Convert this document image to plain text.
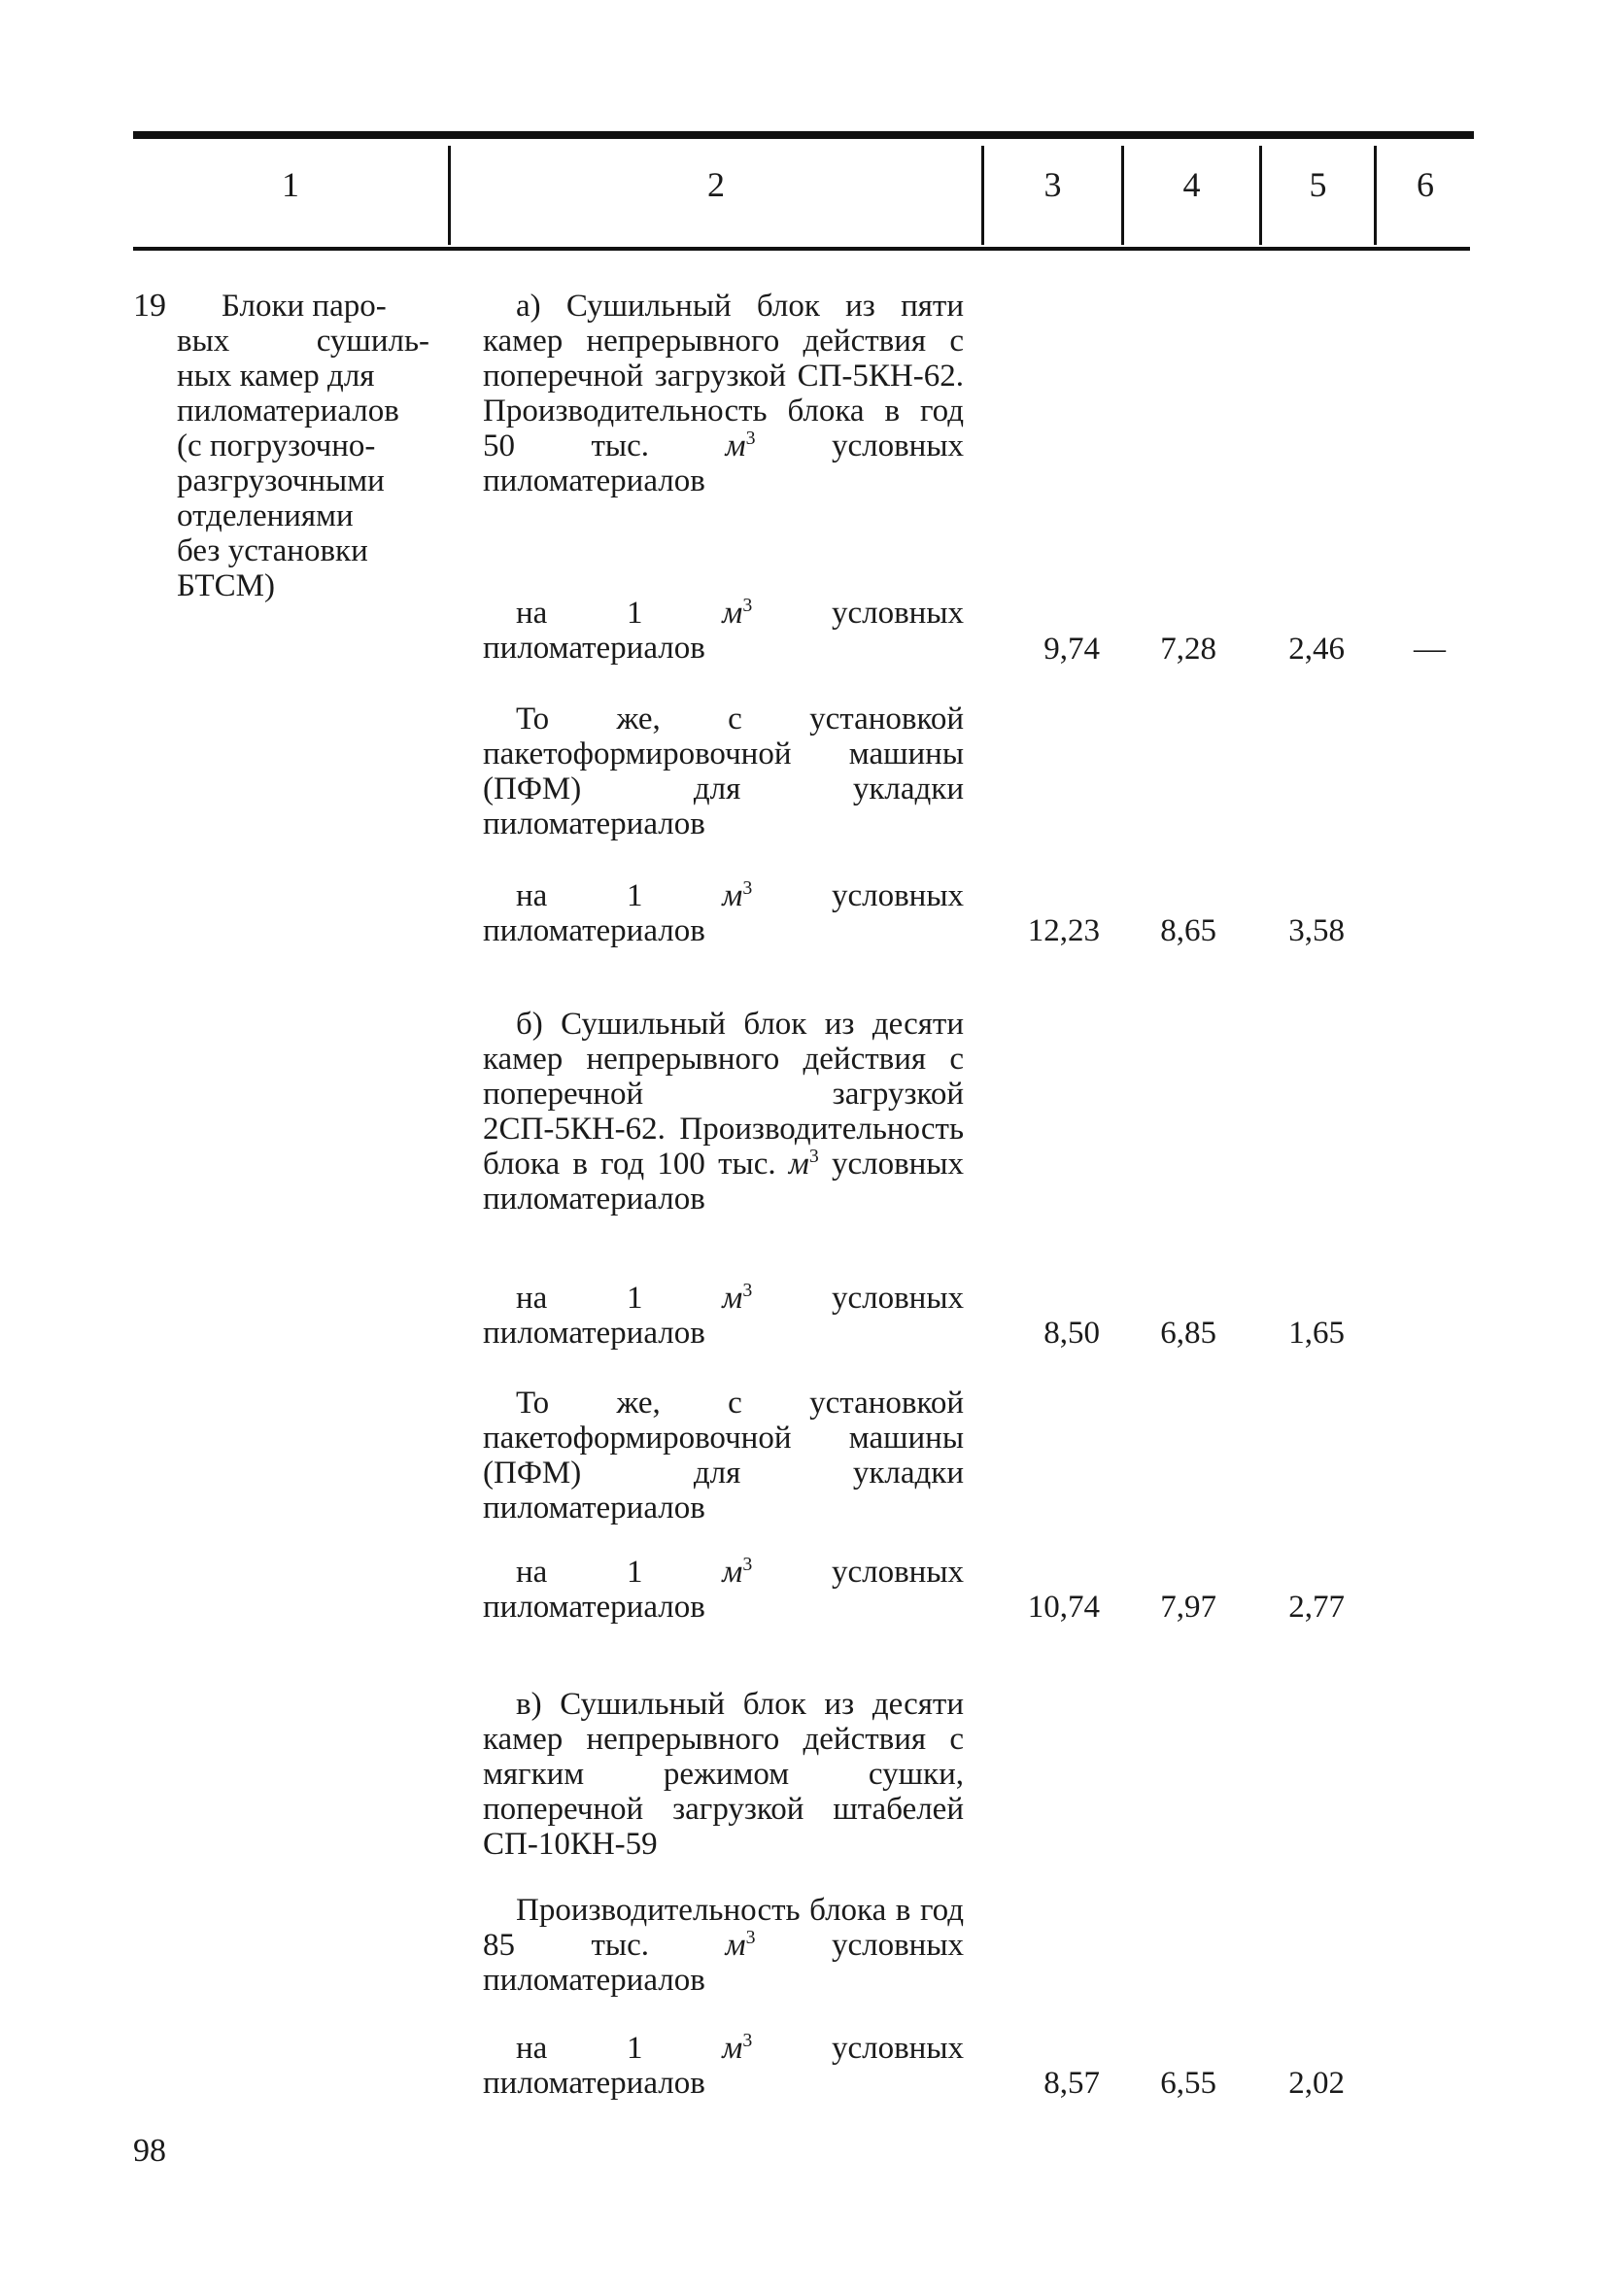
1	2	3	4	5	6
19	Блоки паро-
вых сушиль-
ных камер для
пиломатериалов
(с погрузочно-
разгрузочными
отделениями
без установки
БТСМ)
а) Сушильный блок из пяти камер непрерывного действия с поперечной загрузкой СП-5КН-62. Производительность блока в год 50 тыс. $м^3$ условных пиломатериалов
на 1 $м^3$ условных пиломатериалов	9,74 7,28 2,46 —
То же, с установкой пакетоформировочной машины (ПФМ) для укладки пиломатериалов
на 1 $м^3$ условных пиломатериалов	12,23 8,65 3,58
б) Сушильный блок из десяти камер непрерывного действия с поперечной загрузкой 2СП-5КН-62. Производительность блока в год 100 тыс. $м^3$ условных пиломатериалов
на 1 $м^3$ условных пиломатериалов	8,50 6,85 1,65
То же, с установкой пакетоформировочной машины (ПФМ) для укладки пиломатериалов
на 1 $м^3$ условных пиломатериалов	10,74 7,97 2,77
в) Сушильный блок из десяти камер непрерывного действия с мягким режимом сушки, поперечной загрузкой штабелей СП-10КН-59
Производительность блока в год 85 тыс. $м^3$ условных пиломатериалов
на 1 $м^3$ условных пиломатериалов	8,57 6,55 2,02
98
